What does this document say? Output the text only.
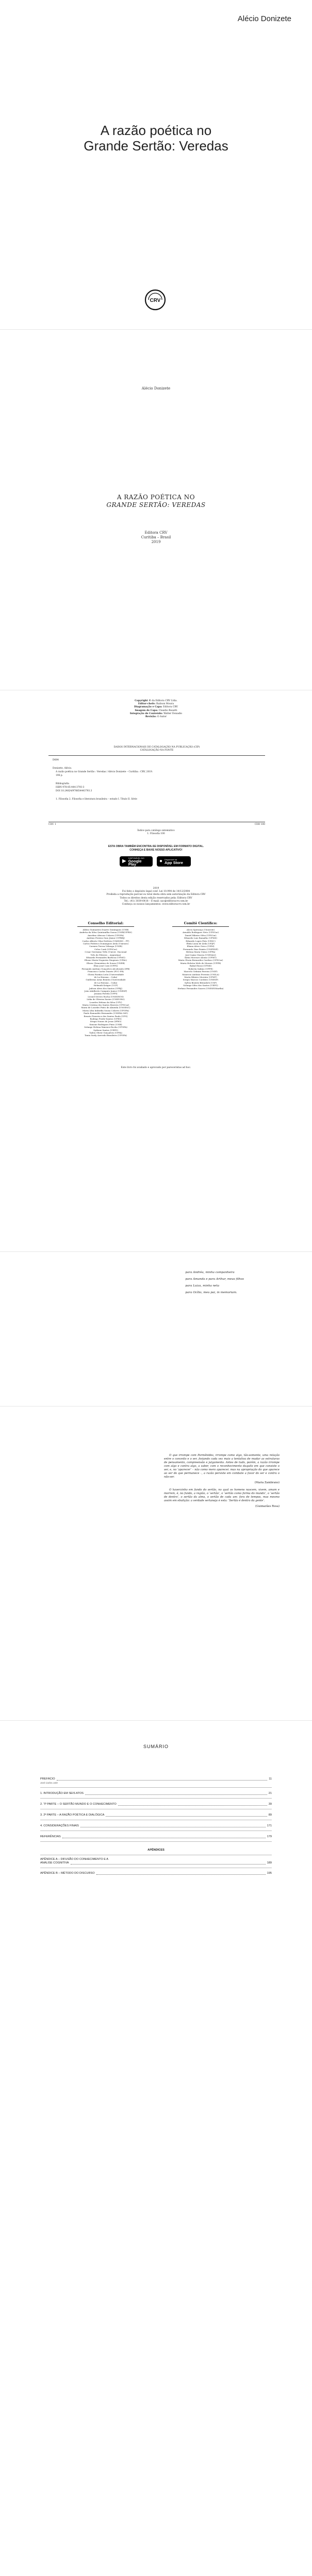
Alécio Donizete
A razão poética no
Grande Sertão: Veredas
CRV
Alécio Donizete
A RAZÃO POÉTICA NO
GRANDE SERTÃO: VEREDAS
Editora CRV
Curitiba – Brasil
2019
Copyright © da Editora CRV Ltda.
Editor-chefe: Railson Moura
Diagramação e Capa: Editora CRV
Imagem de Capa: Claudio Rosatti
Integração de Conteúdo: Walter Donadio
Revisão: O Autor
DADOS INTERNACIONAIS DE CATALOGAÇÃO NA PUBLICAÇÃO (CIP)
CATALOGAÇÃO NA FONTE
D684
Donizete, Alécio.
A razão poética no Grande Sertão : Veredas / Alécio Donizete – Curitiba : CRV, 2019.
196 p.
Bibliografia
ISBN 978-85-444-3793-3
DOI 10.24824/978854443793.3
1. Filosofia 2. Filosofia e literatura brasileira – estudo I. Título II. Série
CDU 1	CDD 100
Índice para catálogo sistemático
1. Filosofia 100
ESTA OBRA TAMBÉM ENCONTRA-SE DISPONÍVEL EM FORMATO DIGITAL.
CONHEÇA E BAIXE NOSSO APLICATIVO!
▶
DISPONÍVEL NO
Google Play
● Disponível na
App Store
2019
Foi feito o depósito legal conf. Lei 10.994 de 14/12/2004
Proibida a reprodução parcial ou total desta obra sem autorização da Editora CRV
Todos os direitos desta edição reservados pela: Editora CRV
Tel.: (41) 3039-6418 – E-mail: sac@editoracrv.com.br
Conheça os nossos lançamentos: www.editoracrv.com.br
Conselho Editorial:	Comitê Científico:
Aldira Guimarães Duarte Domínguez (UNB)
Andréia da Silva Quintanilha Sousa (UNIR/UFRN)
Anselmo Alencar Colares (UFOPA)
Antônio Pereira Gaio Júnior (UFRRJ)
Carlos Alberto Vilar Estêvão (UMINHO – PT)
Carlos Federico Dominguez Avila (Unieuro)
Carmen Tereza Velanga (UNIR)
Celso Conti (UFSCar)
Cesar Gerónimo Tello (Univer .Nacional
Três de Febrero – Argentina)
Eduardo Fernandes Barbosa (UFMG)
Elione Maria Nogueira Diogenes (UFAL)
Elizeu Clementino de Souza (UNEB)
Élsio José Corá (UFFS)
Fernando Antônio Gonçalves Alcoforado (IPB)
Francisco Carlos Duarte (PUC-PR)
Gloria Fariñas León (Universidade
de La Havana – Cuba)
Guillermo Arias Beatón (Universidade
de La Havana – Cuba)
Helmuth Krüger (UCP)
Jailson Alves dos Santos (UFRJ)
João Adalberto Campato Junior (UNESP)
Josania Portela (UFPI)
Leonel Severo Rocha (UNISINOS)
Lídia de Oliveira Xavier (UNIEURO)
Lourdes Helena da Silva (UFV)
Maria Cristina dos Santos Bezerra (UFSCar)
Maria de Lourdes Pinto de Almeida (UNOESC)
Maria Lília Imbiriba Sousa Colares (UFOPA)
Paulo Romualdo Hernandes (UNIFAL-MG)
Renato Francisco dos Santos Paula (UFG)
Rodrigo Pratte-Santos (UFES)
Sérgio Nunes de Jesus (IFRO)
Simone Rodrigues Pinto (UNB)
Solange Helena Ximenes-Rocha (UFOPA)
Sydione Santos (UEPG)
Tadeu Oliver Gonçalves (UFPA)
Tania Suely Azevedo Brasileiro (UFOPA)
Alceu Sperança (Unioeste)
Arnaldo Rodrigues Neto (UFSCar)
Daniel Ribeiro Silva (UFSCar)
Eduardo Luiz Ramalho (UFMS)
Eduardo Lopes Piris (UESC)
Élida Luzia de Ávila (UFJF)
Eliana Alves Greco (UEM)
Fernando Dias Paixão (UNIFESP)
Helena Maria Vieira (UFPA)
José Isaías Venera (UNIVALI)
Kátia Morosov Alonso (UFMT)
Maria Gloria Bernardes Cardoso (UFSCar)
Maria Heloísa Melo de Moraes (UFPR)
Rafael Rossi (UFMS)
Roberta Sabino (UFPE)
Marcelo Gelmini Pereira (UNIP)
Mauricio Antônio Ferreira (UNILA)
Marta Ribeiro Moreira (UFMT)
Sergio Marcos Cordeiro (UNESP)
Sylvia Beatriz Bräunlich (USP)
Solange Silva dos Santos (UEPG)
Stefano Fernandes Soares (UNESP/Marília)
Este livro foi avaliado e aprovado por pareceristas ad hoc.
para Andréa, minha companheira
para Amanda e para Arthur, meus filhos
para Luiza, minha neta
para Ocílio, meu pai, in memoriam.

O que irrompe com Parmênides, irrompe como algo, tão-somente, uma relação entre o conceito e o ser, forjando cada vez mais a tentativa de mudar as estruturas de pensamento, compreensão e julgamento. Antes de tudo, porém, a razão irrompe com algo e contra algo, a saber, com o reconhecimento daquilo em que consiste o ser, e, no ‘aparecer’ – não como mero aparecer, mas na apropriação do que aparece ao ser do que permanece –, a razão persiste em combate a favor do ser e contra o não-ser.

(Maria Zambrano)

O haverzinho em fundo do sertão, no qual os homens nascem, vivem, amam e morrem, é, no fundo, a região, o ‘sertão’, o ‘sertão como forma do mundo’, o ‘sertão de dentro’, o sertão da alma, o sertão de cada um: fora de tempos, mas mesmo assim em ebulição: a verdade sertaneja é esta: ‘Sertão é dentro da gente’.

(Guimarães Rosa)

SUMÁRIO
PREFÁCIO	11
José Carlos Leite
1. INTRODUÇÃO EM SEIS ATOS	21
2. “P PARTE – O SERTÃO MUNDO E O CONHECIMENTO	39
3. 2ª PARTE – A RAZÃO POÉTICA E DIALÓGICA	89
4. CONSIDERAÇÕES FINAIS	171
REFERÊNCIAS	179
APÊNDICES
APÊNDICE A – DIFUSÃO DO CONHECIMENTO E A
ANÁLISE COGNITIVA	189
APÊNDICE B – MÉTODO DO DISCURSO	195
